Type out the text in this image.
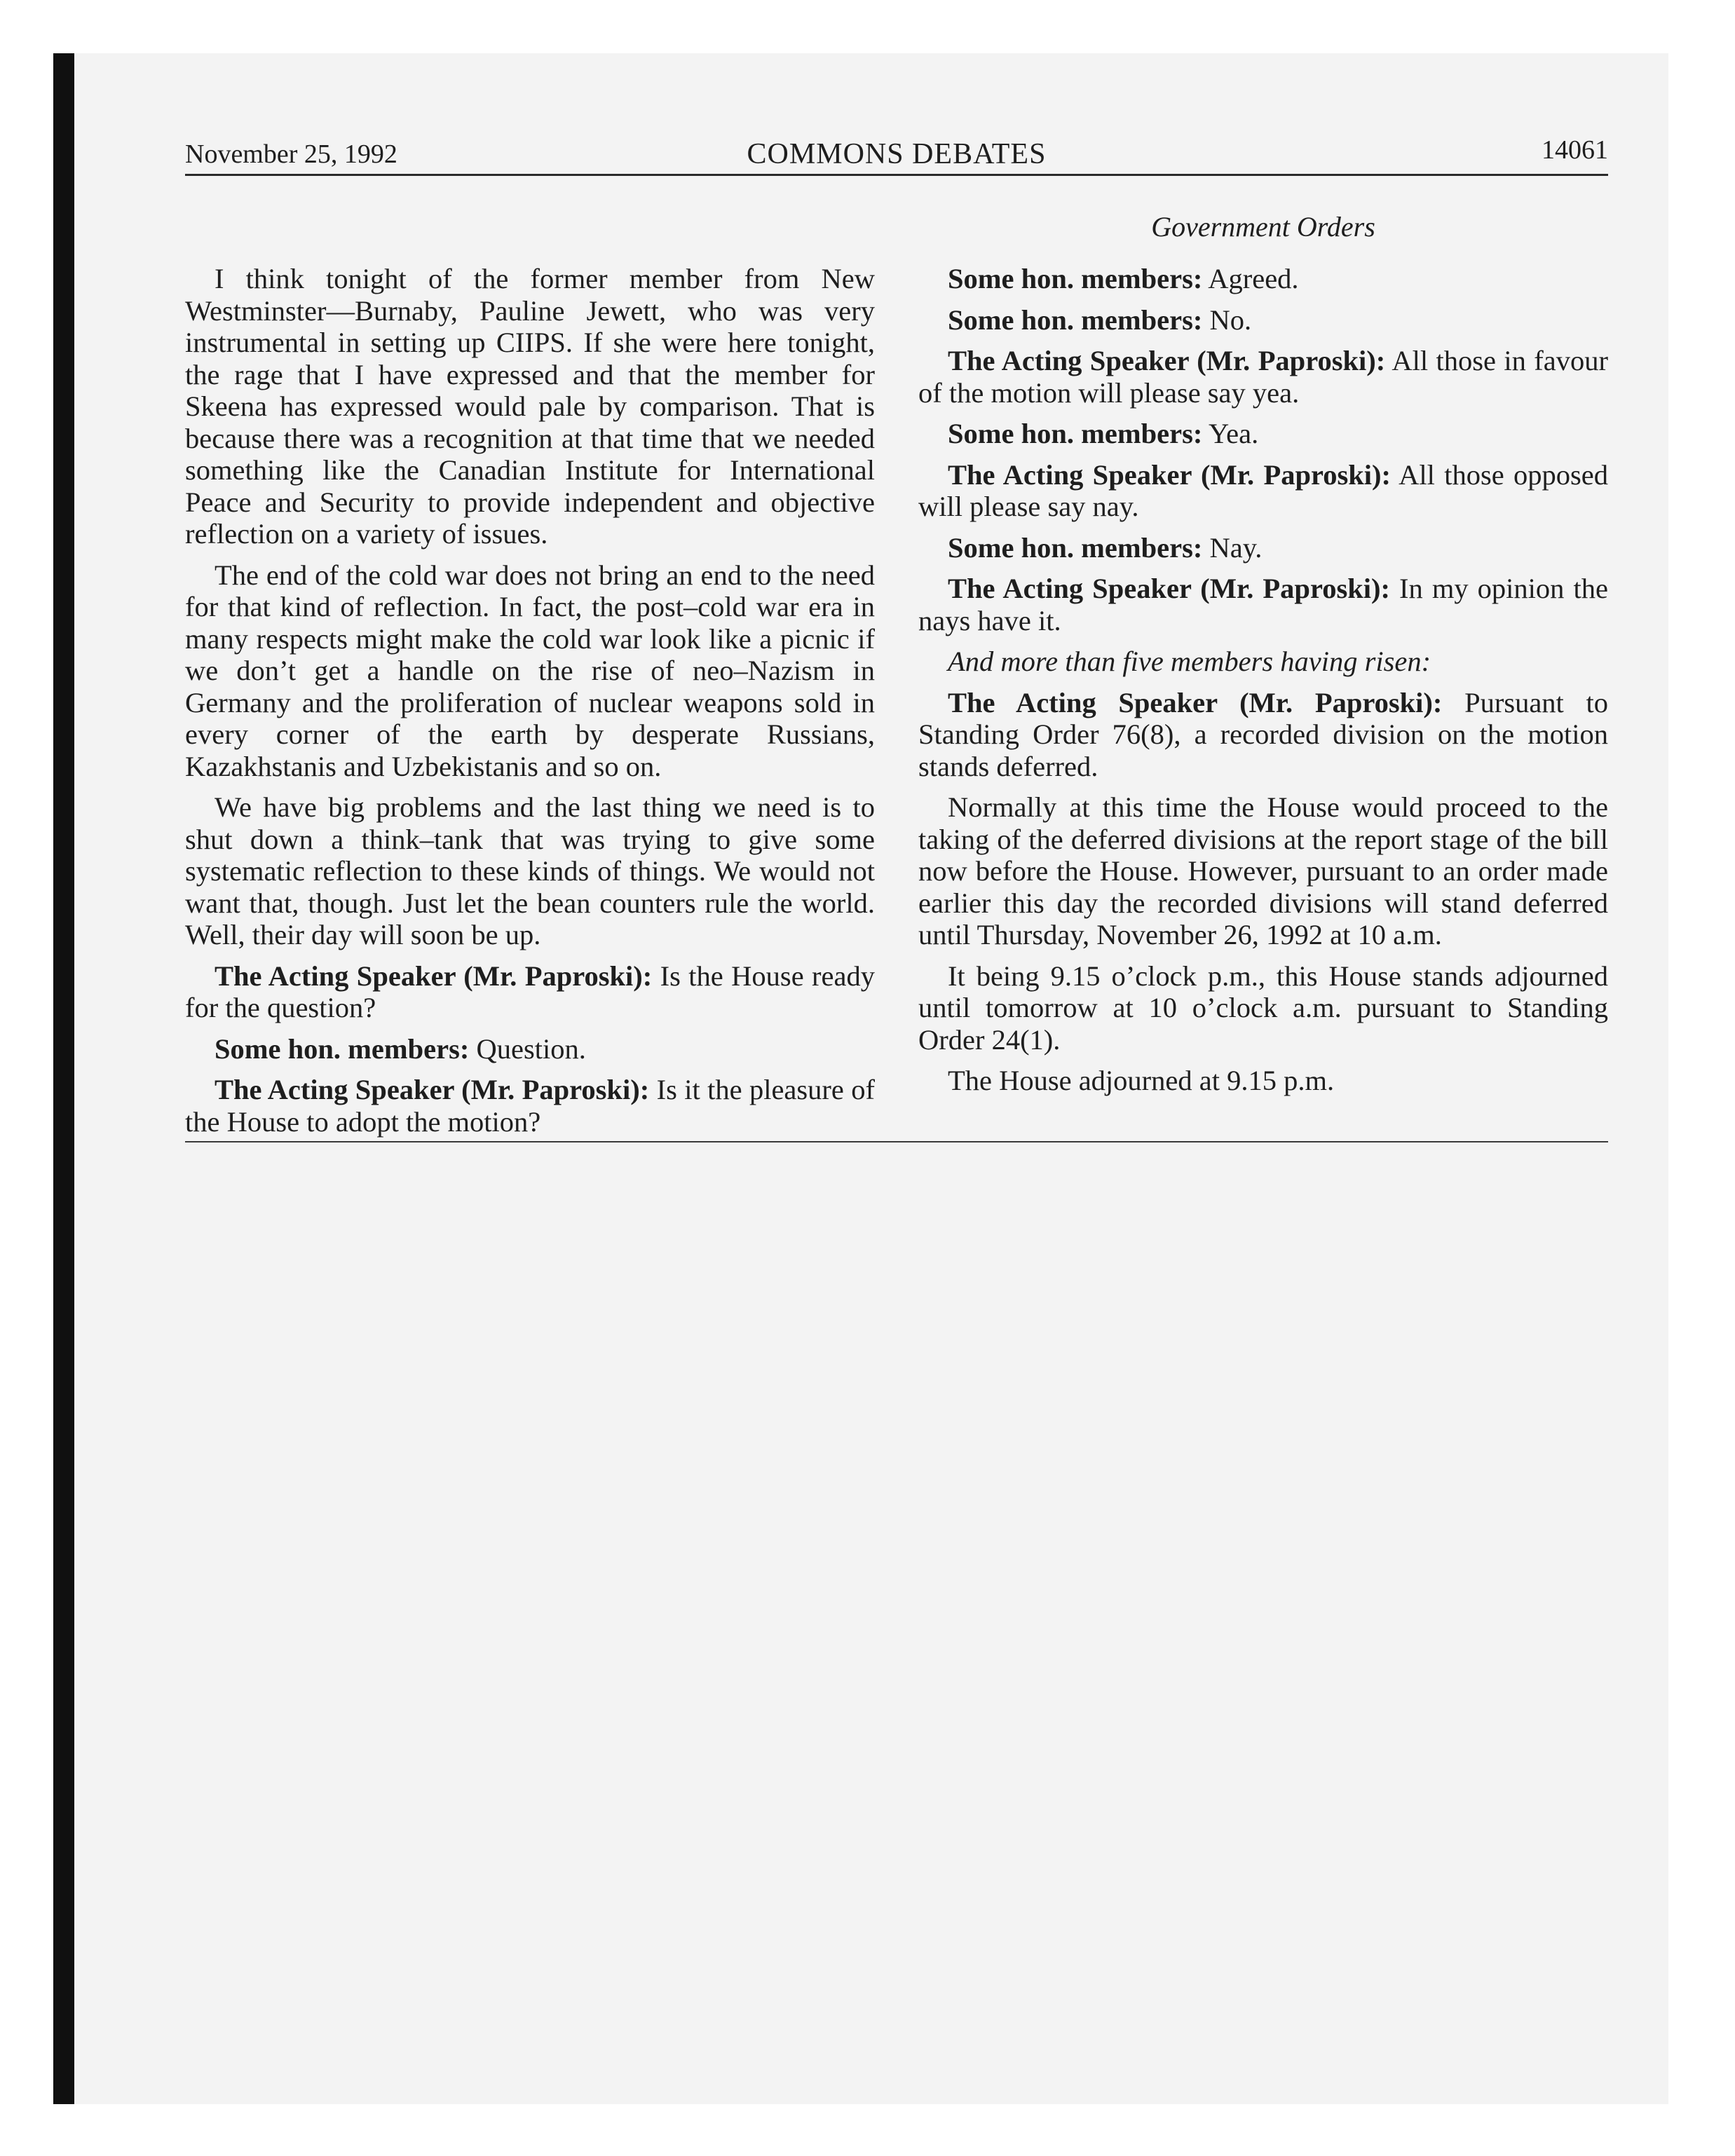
November 25, 1992	COMMONS DEBATES	14061
Government Orders

I think tonight of the former member from New Westminster—Burnaby, Pauline Jewett, who was very instrumental in setting up CIIPS. If she were here tonight, the rage that I have expressed and that the member for Skeena has expressed would pale by comparison. That is because there was a recognition at that time that we needed something like the Canadian Institute for International Peace and Security to provide independent and objective reflection on a variety of issues.

The end of the cold war does not bring an end to the need for that kind of reflection. In fact, the post–cold war era in many respects might make the cold war look like a picnic if we don’t get a handle on the rise of neo–Nazism in Germany and the proliferation of nuclear weapons sold in every corner of the earth by desperate Russians, Kazakhstanis and Uzbekistanis and so on.

We have big problems and the last thing we need is to shut down a think–tank that was trying to give some systematic reflection to these kinds of things. We would not want that, though. Just let the bean counters rule the world. Well, their day will soon be up.

The Acting Speaker (Mr. Paproski): Is the House ready for the question?

Some hon. members: Question.

The Acting Speaker (Mr. Paproski): Is it the pleasure of the House to adopt the motion?

Some hon. members: Agreed.

Some hon. members: No.

The Acting Speaker (Mr. Paproski): All those in favour of the motion will please say yea.

Some hon. members: Yea.

The Acting Speaker (Mr. Paproski): All those opposed will please say nay.

Some hon. members: Nay.

The Acting Speaker (Mr. Paproski): In my opinion the nays have it.

And more than five members having risen:

The Acting Speaker (Mr. Paproski): Pursuant to Standing Order 76(8), a recorded division on the motion stands deferred.

Normally at this time the House would proceed to the taking of the deferred divisions at the report stage of the bill now before the House. However, pursuant to an order made earlier this day the recorded divisions will stand deferred until Thursday, November 26, 1992 at 10 a.m.

It being 9.15 o’clock p.m., this House stands adjourned until tomorrow at 10 o’clock a.m. pursuant to Standing Order 24(1).

The House adjourned at 9.15 p.m.
